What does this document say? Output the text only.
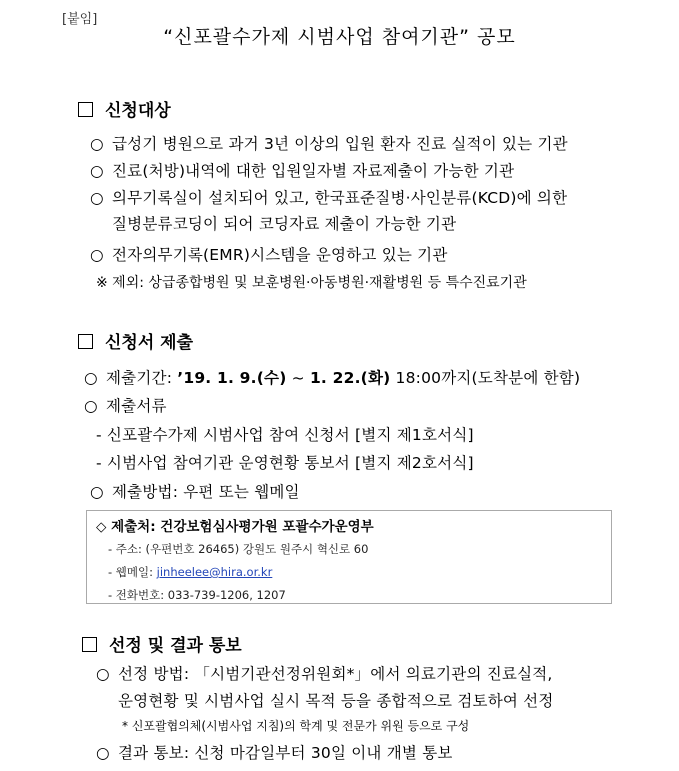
[붙임]
“신포괄수가제 시범사업 참여기관” 공모
신청대상
○ 급성기 병원으로 과거 3년 이상의 입원 환자 진료 실적이 있는 기관
○ 진료(처방)내역에 대한 입원일자별 자료제출이 가능한 기관
○ 의무기록실이 설치되어 있고, 한국표준질병·사인분류(KCD)에 의한
질병분류코딩이 되어 코딩자료 제출이 가능한 기관
○ 전자의무기록(EMR)시스템을 운영하고 있는 기관
※ 제외: 상급종합병원 및 보훈병원·아동병원·재활병원 등 특수진료기관
신청서 제출
○ 제출기간: ’19. 1. 9.(수) ~ 1. 22.(화) 18:00까지(도착분에 한함)
○ 제출서류
- 신포괄수가제 시범사업 참여 신청서 [별지 제1호서식]
- 시범사업 참여기관 운영현황 통보서 [별지 제2호서식]
○ 제출방법: 우편 또는 웹메일
◇ 제출처: 건강보험심사평가원 포괄수가운영부
- 주소: (우편번호 26465) 강원도 원주시 혁신로 60
- 웹메일: jinheelee@hira.or.kr
- 전화번호: 033-739-1206, 1207
선정 및 결과 통보
○ 선정 방법: 「시범기관선정위원회*」에서 의료기관의 진료실적,
운영현황 및 시범사업 실시 목적 등을 종합적으로 검토하여 선정
* 신포괄협의체(시범사업 지침)의 학계 및 전문가 위원 등으로 구성
○ 결과 통보: 신청 마감일부터 30일 이내 개별 통보
